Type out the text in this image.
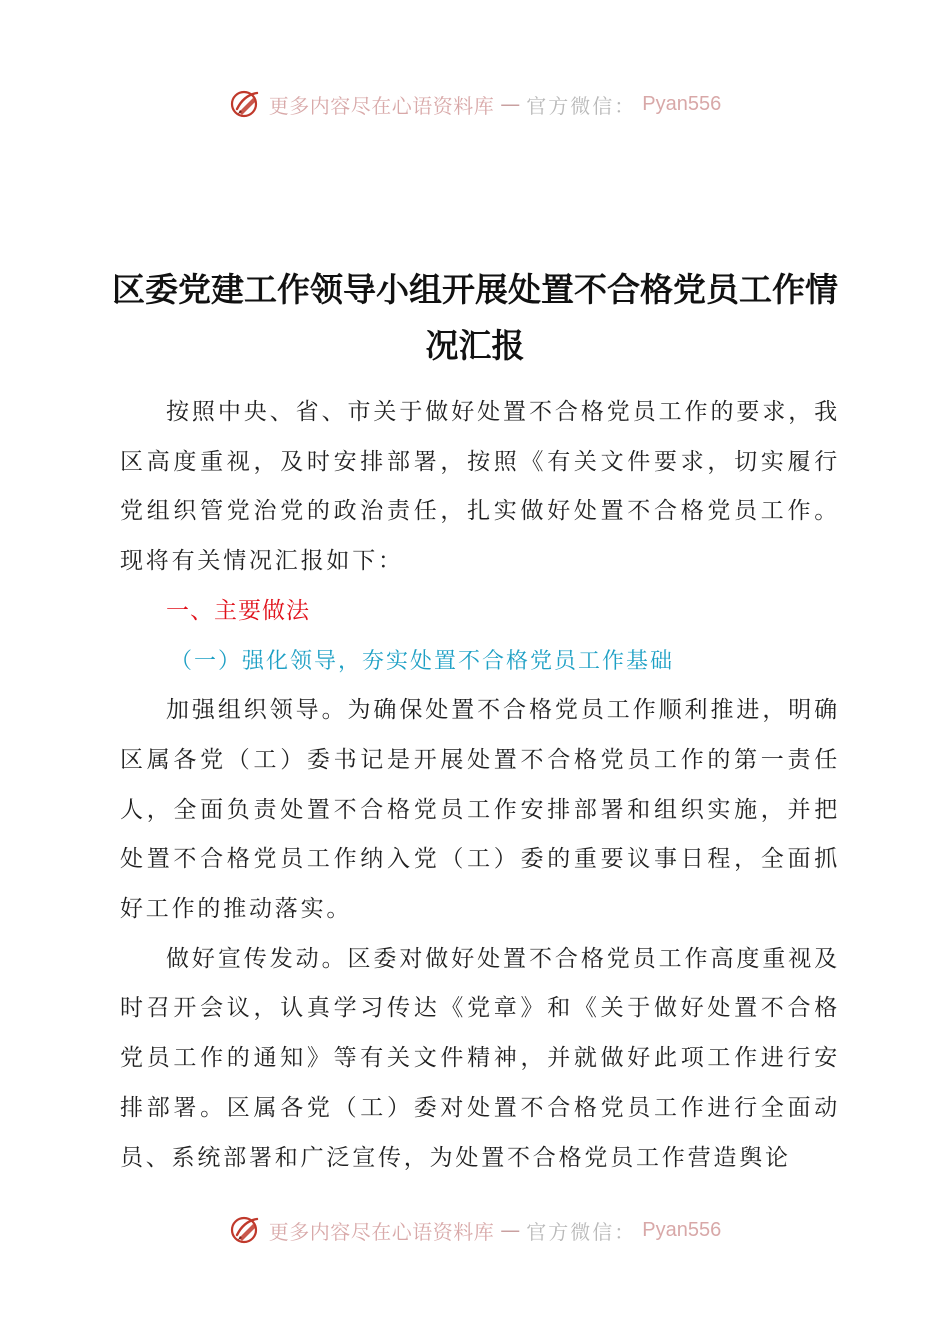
更多内容尽在心语资料库 — 官方微信： Pyan556
区委党建工作领导小组开展处置不合格党员工作情况汇报

按照中央、省、市关于做好处置不合格党员工作的要求，我区高度重视，及时安排部署，按照《有关文件要求，切实履行党组织管党治党的政治责任，扎实做好处置不合格党员工作。现将有关情况汇报如下：

一、主要做法

（一）强化领导，夯实处置不合格党员工作基础

加强组织领导。为确保处置不合格党员工作顺利推进，明确区属各党（工）委书记是开展处置不合格党员工作的第一责任人，全面负责处置不合格党员工作安排部署和组织实施，并把处置不合格党员工作纳入党（工）委的重要议事日程，全面抓好工作的推动落实。

做好宣传发动。区委对做好处置不合格党员工作高度重视及时召开会议，认真学习传达《党章》和《关于做好处置不合格党员工作的通知》等有关文件精神，并就做好此项工作进行安排部署。区属各党（工）委对处置不合格党员工作进行全面动员、系统部署和广泛宣传，为处置不合格党员工作营造舆论

更多内容尽在心语资料库 — 官方微信： Pyan556
